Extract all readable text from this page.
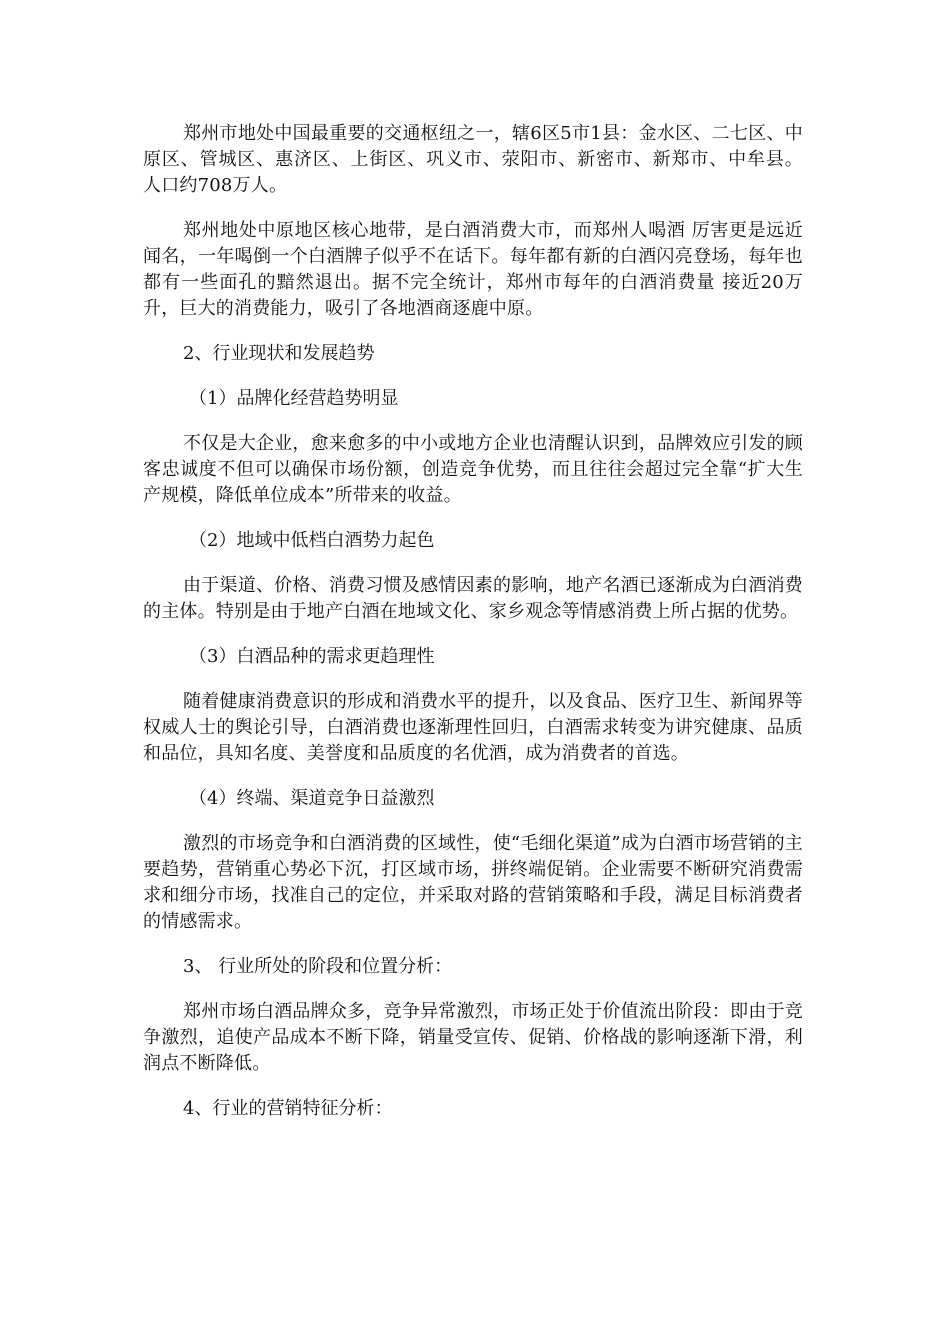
郑州市地处中国最重要的交通枢纽之一，辖6区5市1县：金水区、二七区、中原区、管城区、惠济区、上街区、巩义市、荥阳市、新密市、新郑市、中牟县。 人口约708万人。

郑州地处中原地区核心地带，是白酒消费大市，而郑州人喝酒 厉害更是远近闻名，一年喝倒一个白酒牌子似乎不在话下。每年都有新的白酒闪亮登场，每年也都有一些面孔的黯然退出。据不完全统计，郑州市每年的白酒消费量 接近20万升，巨大的消费能力，吸引了各地酒商逐鹿中原。

2、行业现状和发展趋势

（1）品牌化经营趋势明显

不仅是大企业，愈来愈多的中小或地方企业也清醒认识到，品牌效应引发的顾客忠诚度不但可以确保市场份额，创造竞争优势，而且往往会超过完全靠“扩大生产规模，降低单位成本”所带来的收益。

（2）地域中低档白酒势力起色

由于渠道、价格、消费习惯及感情因素的影响，地产名酒已逐渐成为白酒消费的主体。特别是由于地产白酒在地域文化、家乡观念等情感消费上所占据的优势。

（3）白酒品种的需求更趋理性

随着健康消费意识的形成和消费水平的提升，以及食品、医疗卫生、新闻界等权威人士的舆论引导，白酒消费也逐渐理性回归，白酒需求转变为讲究健康、品质和品位，具知名度、美誉度和品质度的名优酒，成为消费者的首选。

（4）终端、渠道竞争日益激烈

激烈的市场竞争和白酒消费的区域性，使“毛细化渠道”成为白酒市场营销的主要趋势，营销重心势必下沉，打区域市场，拼终端促销。企业需要不断研究消费需求和细分市场，找准自己的定位，并采取对路的营销策略和手段，满足目标消费者的情感需求。

3、 行业所处的阶段和位置分析：

郑州市场白酒品牌众多，竞争异常激烈，市场正处于价值流出阶段：即由于竞争激烈，追使产品成本不断下降，销量受宣传、促销、价格战的影响逐渐下滑，利润点不断降低。

4、行业的营销特征分析：
